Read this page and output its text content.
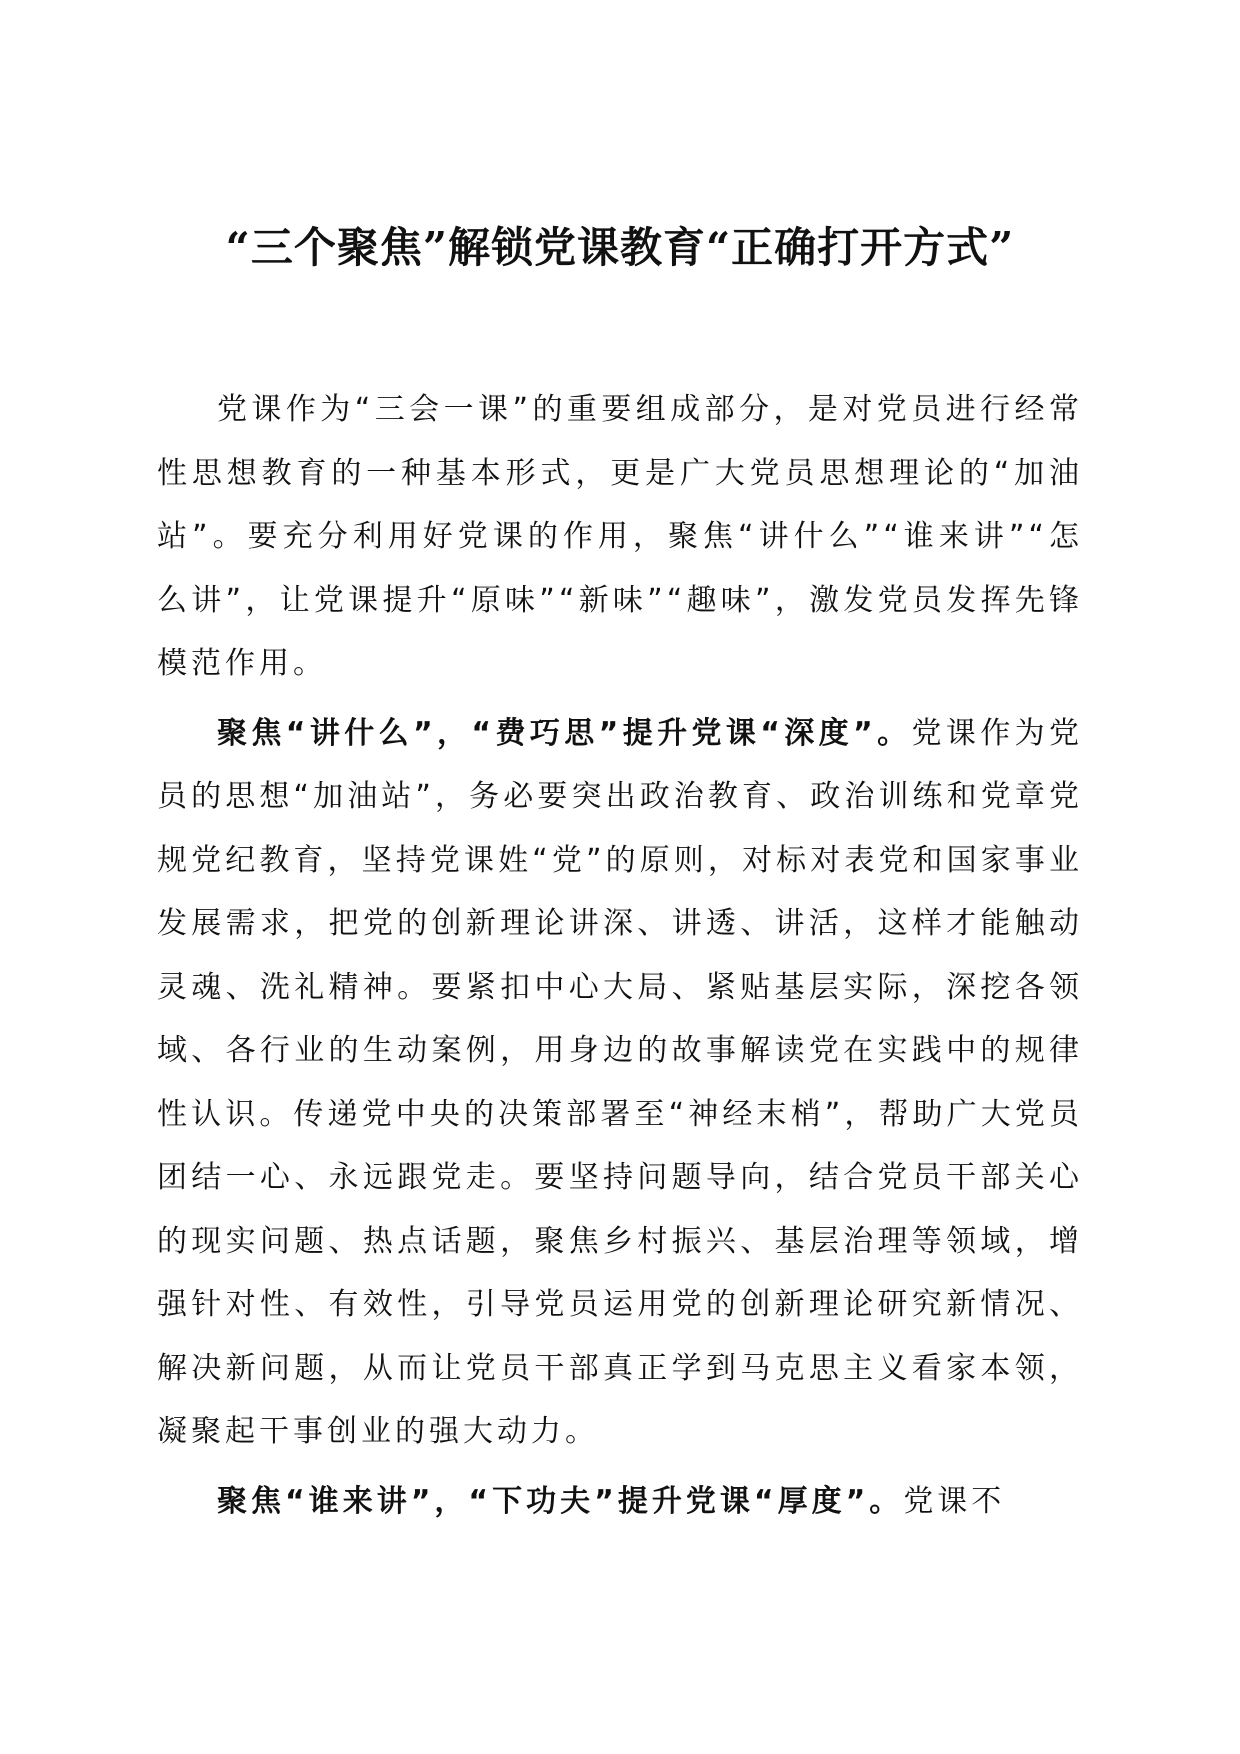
“三个聚焦”解锁党课教育“正确打开方式”

党课作为“三会一课”的重要组成部分，是对党员进行经常性思想教育的一种基本形式，更是广大党员思想理论的“加油站”。要充分利用好党课的作用，聚焦“讲什么”“谁来讲”“怎么讲”，让党课提升“原味”“新味”“趣味”，激发党员发挥先锋模范作用。

聚焦“讲什么”，“费巧思”提升党课“深度”。党课作为党员的思想“加油站”，务必要突出政治教育、政治训练和党章党规党纪教育，坚持党课姓“党”的原则，对标对表党和国家事业发展需求，把党的创新理论讲深、讲透、讲活，这样才能触动灵魂、洗礼精神。要紧扣中心大局、紧贴基层实际，深挖各领域、各行业的生动案例，用身边的故事解读党在实践中的规律性认识。传递党中央的决策部署至“神经末梢”，帮助广大党员团结一心、永远跟党走。要坚持问题导向，结合党员干部关心的现实问题、热点话题，聚焦乡村振兴、基层治理等领域，增强针对性、有效性，引导党员运用党的创新理论研究新情况、解决新问题，从而让党员干部真正学到马克思主义看家本领，凝聚起干事创业的强大动力。

聚焦“谁来讲”，“下功夫”提升党课“厚度”。党课不
